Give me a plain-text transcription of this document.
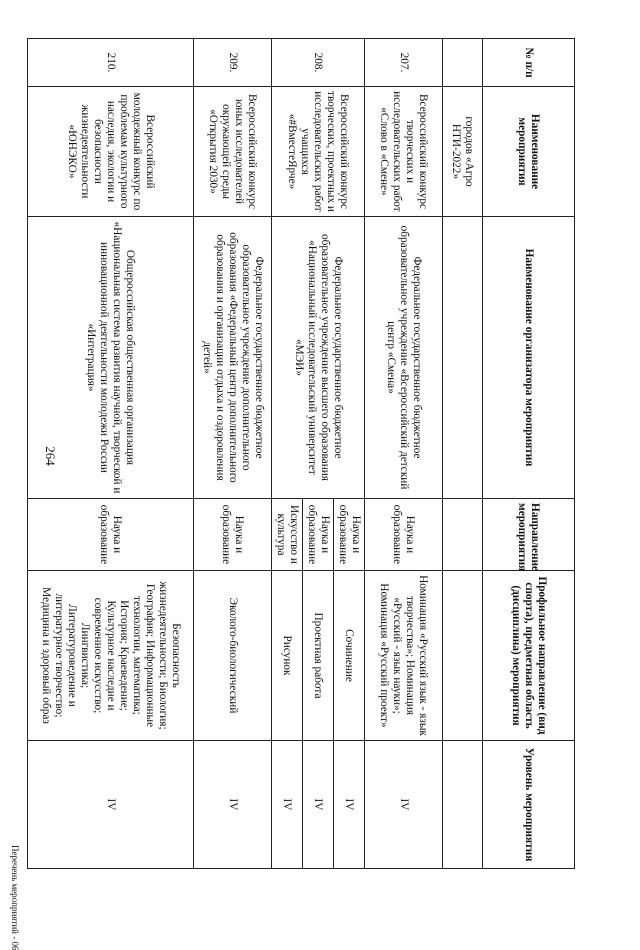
264
№ п/п	Наименование мероприятия	Наименование организатора мероприятия	Направление мероприятия	Профильное направление (вид спорта), предметная область (дисциплина) мероприятия	Уровень мероприятия
	городов «Агро НТИ-2022»				
207.	Всероссийский конкурс творческих и исследовательских работ «Слово в «Смене»	Федеральное государственное бюджетное образовательное учреждение «Всероссийский детский центр «Смена»	Наука и образование	Номинация «Русский язык - язык творчества»; Номинация «Русский - язык науки»; Номинация «Русский проект»	IV
208.	Всероссийский конкурс творческих, проектных и исследовательских работ учащихся «#ВместеЯрче»	Федеральное государственное бюджетное образовательное учреждение высшего образования «Национальный исследовательский университет «МЭИ»	Наука и образование	Сочинение	IV
			Наука и образование	Проектная работа	IV
			Искусство и культура	Рисунок	IV
209.	Всероссийский конкурс юных исследователей окружающей среды «Открытия 2030»	Федеральное государственное бюджетное образовательное учреждение дополнительного образования «Федеральный центр дополнительного образования и организации отдыха и оздоровления детей»	Наука и образование	Эколого-биологический	IV
210.	Всероссийский молодежный конкурс по проблемам культурного наследия, экологии и безопасности жизнедеятельности «ЮНЭКО»	Общероссийская общественная организация «Национальная система развития научной, творческой и инновационной деятельности молодежи России «Интеграция»	Наука и образование	Безопасность жизнедеятельности; Биология; География; Информационные технологии, математика; История; Краеведение; Культурное наследие и современное искусство; Лингвистика; Литературоведение и литературное творчество; Медицина и здоровый образ	IV
Перечень мероприятий - 06
